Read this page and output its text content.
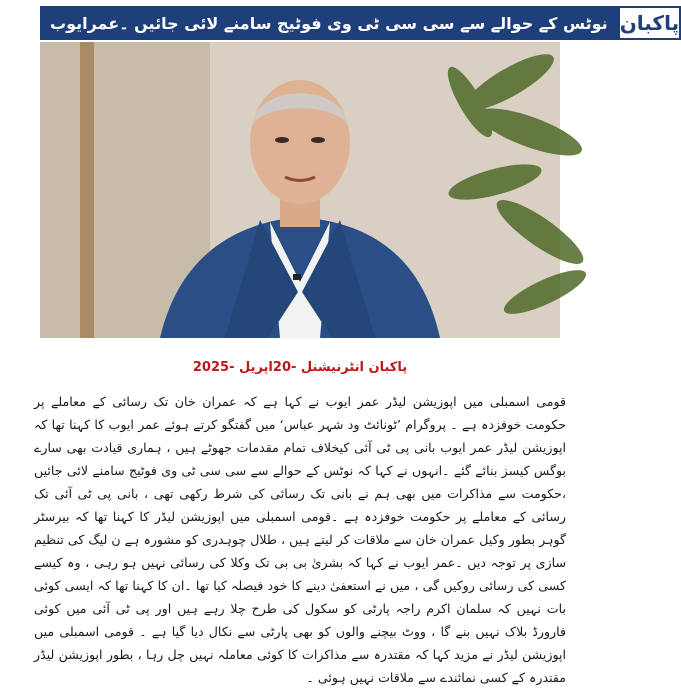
نوٹس کے حوالے سے سی سی ٹی وی فوٹیج سامنے لائی جائیں ۔عمرایوب پاکبان
پاکبان انٹرنیشنل -20اپریل -2025
قومی اسمبلی میں اپوزیشن لیڈر عمر ایوب نے کہا ہے کہ عمران خان تک رسائی کے معاملے پر حکومت خوفزدہ ہے ۔ پروگرام ’ٹونائٹ ود شہر عباس‘ میں گفتگو کرتے ہوئے عمر ایوب کا کہنا تھا کہ اپوزیشن لیڈر عمر ایوب بانی پی ٹی آئی کیخلاف تمام مقدمات جھوٹے ہیں ، ہماری قیادت بھی سارے بوگس کیسز بنائے گئے ۔انہوں نے کہا کہ نوٹس کے حوالے سے سی سی ٹی وی فوٹیج سامنے لائی جائیں ،حکومت سے مذاکرات میں بھی ہم نے بانی تک رسائی کی شرط رکھی تھی ، بانی پی ٹی آئی تک رسائی کے معاملے پر حکومت خوفزدہ ہے ۔قومی اسمبلی میں اپوزیشن لیڈر کا کہنا تھا کہ بیرسٹر گوہر بطور وکیل عمران خان سے ملاقات کر لیتے ہیں ، طلال چوہدری کو مشورہ ہے ن لیگ کی تنظیم سازی پر توجہ دیں ۔عمر ایوب نے کہا کہ بشریٰ بی بی تک وکلا کی رسائی نہیں ہو رہی ، وہ کیسے کسی کی رسائی روکیں گی ، میں نے استعفیٰ دینے کا خود فیصلہ کیا تھا ۔ان کا کہنا تھا کہ ایسی کوئی بات نہیں کہ سلمان اکرم راجہ پارٹی کو سکول کی طرح چلا رہے ہیں اور پی ٹی آئی میں کوئی فارورڈ بلاک نہیں بنے گا ، ووٹ بیچنے والوں کو بھی پارٹی سے نکال دیا گیا ہے ۔ قومی اسمبلی میں اپوزیشن لیڈر نے مزید کہا کہ مقتدرہ سے مذاکرات کا کوئی معاملہ نہیں چل رہا ، بطور اپوزیشن لیڈر مقتدرہ کے کسی نمائندے سے ملاقات نہیں ہوئی ۔
